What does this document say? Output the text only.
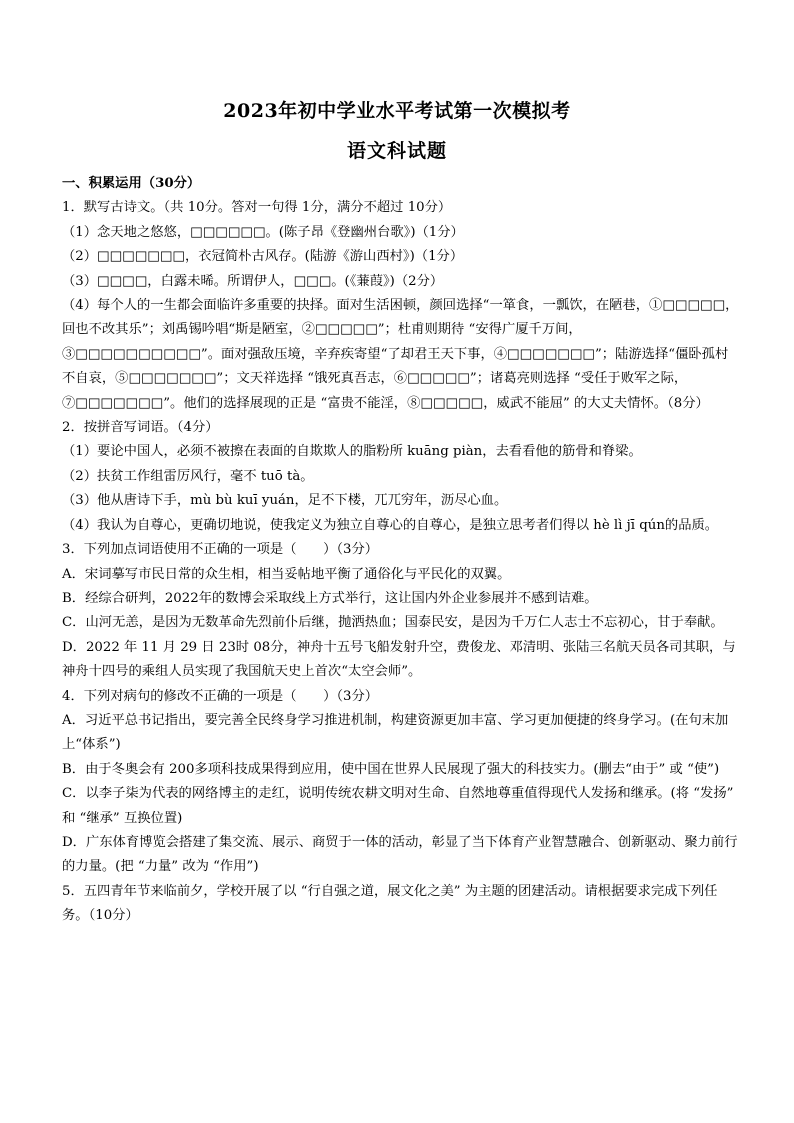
2023年初中学业水平考试第一次模拟考
语文科试题

一、积累运用（30分）

1．默写古诗文。（共 10分。答对一句得 1分，满分不超过 10分）

（1）念天地之悠悠，□□□□□□。(陈子昂《登幽州台歌》)（1分）

（2）□□□□□□□，衣冠简朴古风存。(陆游《游山西村》)（1分）

（3）□□□□，白露未晞。所谓伊人，□□□。(《蒹葭》)（2分）

（4）每个人的一生都会面临许多重要的抉择。面对生活困顿，颜回选择“一箪食，一瓢饮，在陋巷，①□□□□□，回也不改其乐”；刘禹锡吟唱“斯是陋室，②□□□□□”；杜甫则期待 “安得广厦千万间，③□□□□□□□□□□”。面对强敌压境，辛弃疾寄望“了却君王天下事，④□□□□□□□”；陆游选择“僵卧孤村不自哀，⑤□□□□□□□”；文天祥选择 “饿死真吾志，⑥□□□□□”；诸葛亮则选择 “受任于败军之际，⑦□□□□□□□”。他们的选择展现的正是 “富贵不能淫，⑧□□□□□，威武不能屈” 的大丈夫情怀。（8分）

2．按拼音写词语。（4分）

（1）要论中国人，必须不被擦在表面的自欺欺人的脂粉所 kuāng piàn，去看看他的筋骨和脊梁。

（2）扶贫工作组雷厉风行，毫不 tuō tà。

（3）他从唐诗下手，mù bù kuī yuán，足不下楼，兀兀穷年，沥尽心血。

（4）我认为自尊心，更确切地说，使我定义为独立自尊心的自尊心，是独立思考者们得以 hè lì jī qún的品质。

3．下列加点词语使用不正确的一项是（　　）（3分）

A．宋词摹写市民日常的众生相，相当妥帖地平衡了通俗化与平民化的双翼。

B．经综合研判，2022年的数博会采取线上方式举行，这让国内外企业参展并不感到诘难。

C．山河无恙，是因为无数革命先烈前仆后继，抛洒热血；国泰民安，是因为千万仁人志士不忘初心，甘于奉献。

D．2022 年 11 月 29 日 23时 08分，神舟十五号飞船发射升空，费俊龙、邓清明、张陆三名航天员各司其职，与神舟十四号的乘组人员实现了我国航天史上首次“太空会师”。

4．下列对病句的修改不正确的一项是（　　）（3分）

A．习近平总书记指出，要完善全民终身学习推进机制，构建资源更加丰富、学习更加便捷的终身学习。(在句末加上“体系”)

B．由于冬奥会有 200多项科技成果得到应用，使中国在世界人民展现了强大的科技实力。(删去“由于” 或 “使”)

C．以李子柒为代表的网络博主的走红，说明传统农耕文明对生命、自然地尊重值得现代人发扬和继承。(将 “发扬” 和 “继承” 互换位置)

D．广东体育博览会搭建了集交流、展示、商贸于一体的活动，彰显了当下体育产业智慧融合、创新驱动、聚力前行的力量。(把 “力量” 改为 “作用”)

5．五四青年节来临前夕，学校开展了以 “行自强之道，展文化之美” 为主题的团建活动。请根据要求完成下列任务。（10分）
